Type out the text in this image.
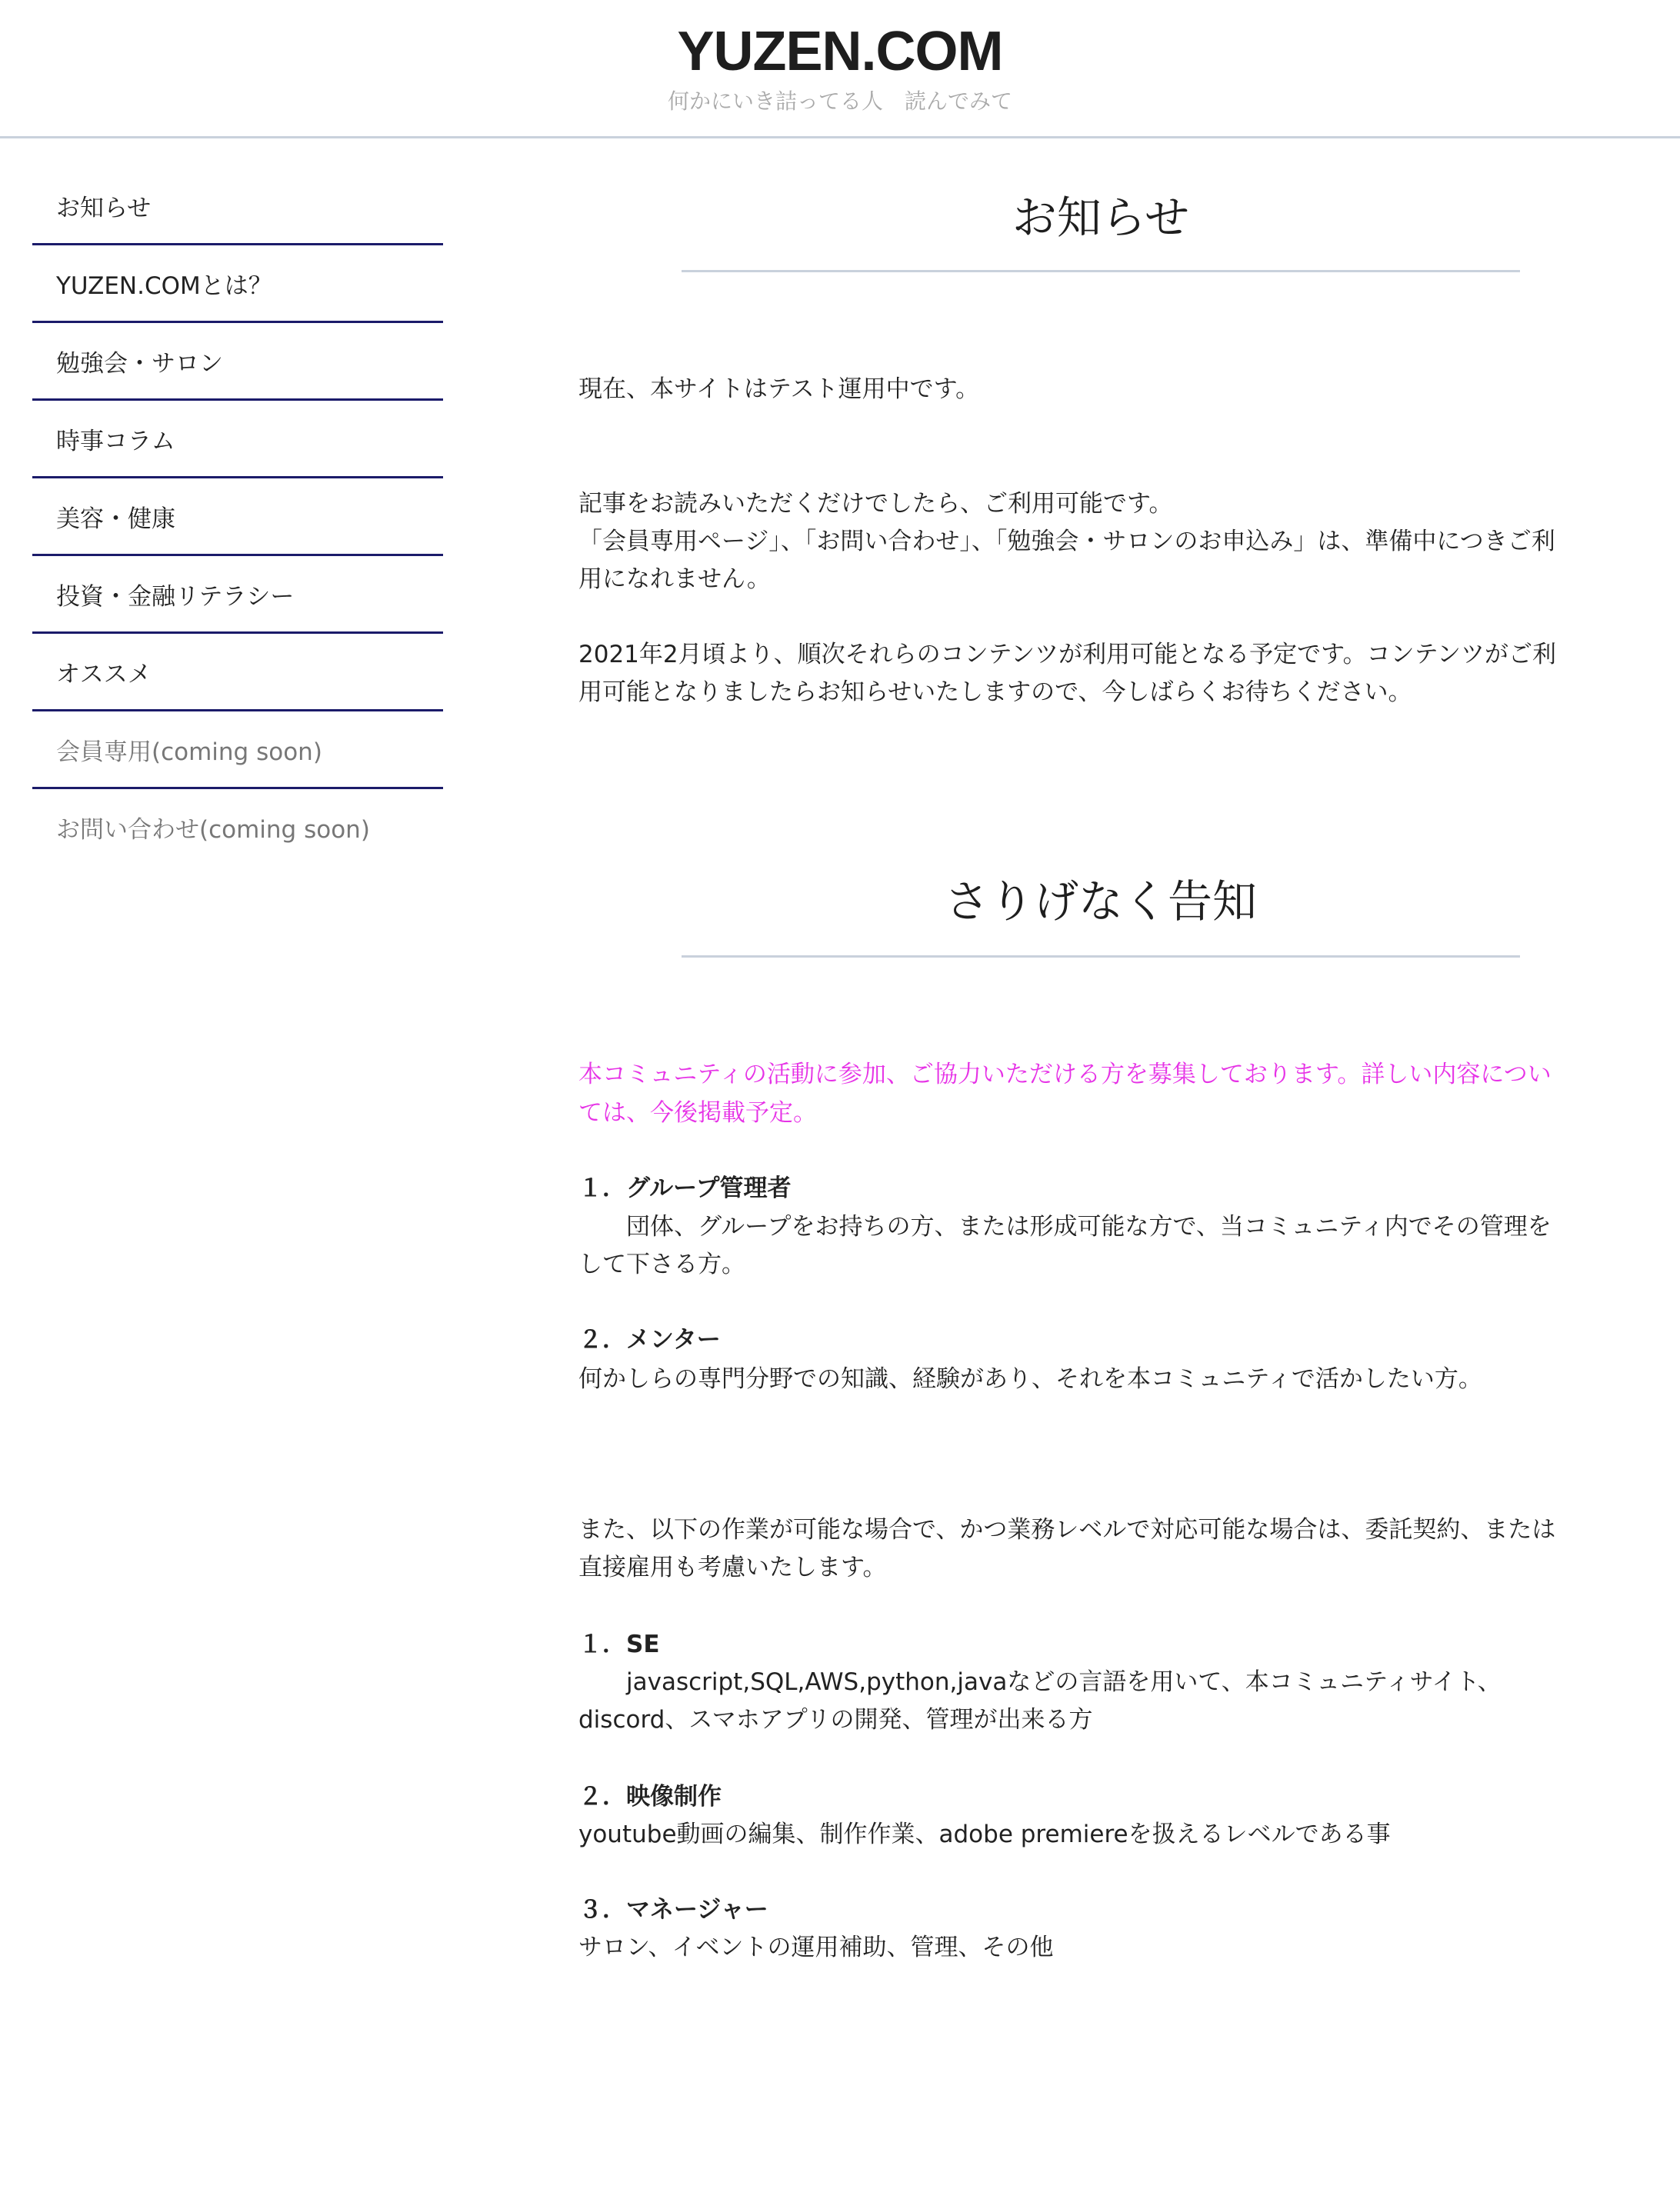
YUZEN.COM
何かにいき詰ってる人　読んでみて
お知らせ
YUZEN.COMとは？
勉強会・サロン
時事コラム
美容・健康
投資・金融リテラシー
オススメ
会員専用(coming soon)
お問い合わせ(coming soon)
お知らせ
現在、本サイトはテスト運用中です。
記事をお読みいただくだけでしたら、ご利用可能です。
「会員専用ページ」、「お問い合わせ」、「勉強会・サロンのお申込み」は、準備中につきご利
用になれません。
2021年2月頃より、順次それらのコンテンツが利用可能となる予定です。コンテンツがご利
用可能となりましたらお知らせいたしますので、今しばらくお待ちください。
さりげなく告知
本コミュニティの活動に参加、ご協力いただける方を募集しております。詳しい内容につい
ては、今後掲載予定。
１．グループ管理者
　　団体、グループをお持ちの方、または形成可能な方で、当コミュニティ内でその管理を
して下さる方。
２．メンター
何かしらの専門分野での知識、経験があり、それを本コミュニティで活かしたい方。
また、以下の作業が可能な場合で、かつ業務レベルで対応可能な場合は、委託契約、または
直接雇用も考慮いたします。
１．SE
　　javascript,SQL,AWS,python,javaなどの言語を用いて、本コミュニティサイト、
discord、スマホアプリの開発、管理が出来る方
２．映像制作
youtube動画の編集、制作作業、adobe premiereを扱えるレベルである事
３．マネージャー
サロン、イベントの運用補助、管理、その他
